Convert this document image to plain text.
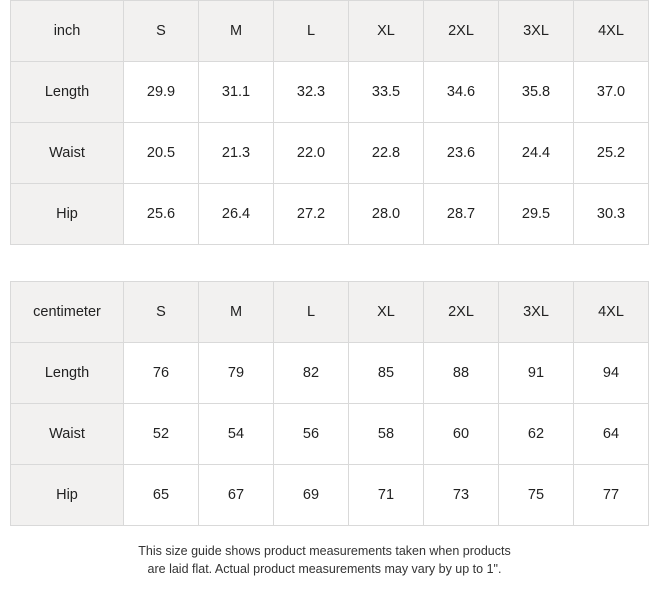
inch	S	M	L	XL	2XL	3XL	4XL
Length	29.9	31.1	32.3	33.5	34.6	35.8	37.0
Waist	20.5	21.3	22.0	22.8	23.6	24.4	25.2
Hip	25.6	26.4	27.2	28.0	28.7	29.5	30.3
centimeter	S	M	L	XL	2XL	3XL	4XL
Length	76	79	82	85	88	91	94
Waist	52	54	56	58	60	62	64
Hip	65	67	69	71	73	75	77
This size guide shows product measurements taken when products
are laid flat. Actual product measurements may vary by up to 1".
